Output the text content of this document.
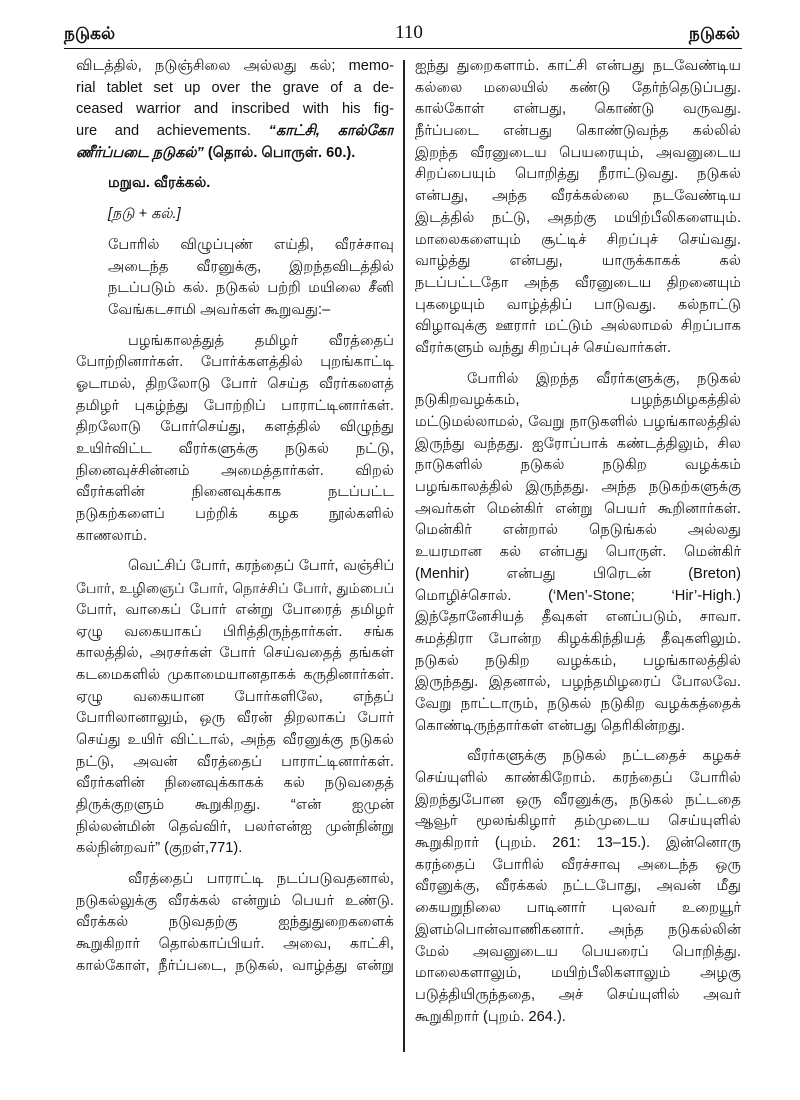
நடுகல்	110	நடுகல்
விடத்தில், நடுஞ்சிலை அல்லது கல்; memo-
rial tablet set up over the grave of a de-
ceased warrior and inscribed with his fig-
ure and achievements. “காட்சி, கால்கோ
ணீர்ப்படை நடுகல்” (தொல். பொருள். 60.).
மறுவ. வீரக்கல்.
[நடு + கல்.]
போரில் விழுப்புண் எய்தி, வீரச்சாவு
அடைந்த வீரனுக்கு, இறந்தவிடத்தில்
நடப்படும் கல். நடுகல் பற்றி மயிலை சீனி
வேங்கடசாமி அவர்கள் கூறுவது:–
பழங்காலத்துத் தமிழர் வீரத்தைப்
போற்றினார்கள். போர்க்களத்தில் புறங்காட்டி
ஓடாமல், திறலோடு போர் செய்த வீரர்களைத்
தமிழர் புகழ்ந்து போற்றிப் பாராட்டினார்கள்.
திறலோடு போர்செய்து, களத்தில் விழுந்து
உயிர்விட்ட வீரர்களுக்கு நடுகல் நட்டு,
நினைவுச்சின்னம் அமைத்தார்கள். விறல்
வீரர்களின் நினைவுக்காக நடப்பட்ட
நடுகற்களைப் பற்றிக் கழக நூல்களில்
காணலாம்.
வெட்சிப் போர், கரந்தைப் போர், வஞ்சிப்
போர், உழிஞைப் போர், நொச்சிப் போர், தும்பைப்
போர், வாகைப் போர் என்று போரைத் தமிழர்
ஏழு வகையாகப் பிரித்திருந்தார்கள். சங்க
காலத்தில், அரசர்கள் போர் செய்வதைத் தங்கள்
கடமைகளில் முகாமையானதாகக் கருதினார்கள்.
ஏழு வகையான போர்களிலே, எந்தப்
போரிலானாலும், ஒரு வீரன் திறலாகப் போர்
செய்து உயிர் விட்டால், அந்த வீரனுக்கு நடுகல்
நட்டு, அவன் வீரத்தைப் பாராட்டினார்கள்.
வீரர்களின் நினைவுக்காகக் கல் நடுவதைத்
திருக்குறளும் கூறுகிறது. “என் ஐமுன்
நில்லன்மின் தெவ்விர், பலர்என்ஐ முன்நின்று
கல்நின்றவர்” (குறள்,771).
வீரத்தைப் பாராட்டி நடப்படுவதனால்,
நடுகல்லுக்கு வீரக்கல் என்றும் பெயர் உண்டு.
வீரக்கல் நடுவதற்கு ஐந்துதுறைகளைக்
கூறுகிறார் தொல்காப்பியர். அவை, காட்சி,
கால்கோள், நீர்ப்படை, நடுகல், வாழ்த்து என்று
ஐந்து துறைகளாம். காட்சி என்பது நடவேண்டிய
கல்லை மலையில் கண்டு தேர்ந்தெடுப்பது.
கால்கோள் என்பது, கொண்டு வருவது.
நீர்ப்படை என்பது கொண்டுவந்த கல்லில்
இறந்த வீரனுடைய பெயரையும், அவனுடைய
சிறப்பையும் பொறித்து நீராட்டுவது. நடுகல்
என்பது, அந்த வீரக்கல்லை நடவேண்டிய
இடத்தில் நட்டு, அதற்கு மயிற்பீலிகளையும்.
மாலைகளையும் சூட்டிச் சிறப்புச் செய்வது.
வாழ்த்து என்பது, யாருக்காகக் கல்
நடப்பட்டதோ அந்த வீரனுடைய திறனையும்
புகழையும் வாழ்த்திப் பாடுவது. கல்நாட்டு
விழாவுக்கு ஊரார் மட்டும் அல்லாமல் சிறப்பாக
வீரர்களும் வந்து சிறப்புச் செய்வார்கள்.
போரில் இறந்த வீரர்களுக்கு, நடுகல்
நடுகிறவழக்கம், பழந்தமிழகத்தில்
மட்டுமல்லாமல், வேறு நாடுகளில் பழங்காலத்தில்
இருந்து வந்தது. ஐரோப்பாக் கண்டத்திலும், சில
நாடுகளில் நடுகல் நடுகிற வழக்கம்
பழங்காலத்தில் இருந்தது. அந்த நடுகற்களுக்கு
அவர்கள் மென்கிர் என்று பெயர் கூறினார்கள்.
மென்கிர் என்றால் நெடுங்கல் அல்லது
உயரமான கல் என்பது பொருள். மென்கிர்
(Menhir) என்பது பிரெடன் (Breton)
மொழிச்சொல். (‘Men’-Stone; ‘Hir’-High.)
இந்தோனேசியத் தீவுகள் எனப்படும், சாவா.
சுமத்திரா போன்ற கிழக்கிந்தியத் தீவுகளிலும்.
நடுகல் நடுகிற வழக்கம், பழங்காலத்தில்
இருந்தது. இதனால், பழந்தமிழரைப் போலவே.
வேறு நாட்டாரும், நடுகல் நடுகிற வழக்கத்தைக்
கொண்டிருந்தார்கள் என்பது தெரிகின்றது.
வீரர்களுக்கு நடுகல் நட்டதைச் கழகச்
செய்யுளில் காண்கிறோம். கரந்தைப் போரில்
இறந்துபோன ஒரு வீரனுக்கு, நடுகல் நட்டதை
ஆவூர் மூலங்கிழார் தம்முடைய செய்யுளில்
கூறுகிறார் (புறம். 261: 13–15.). இன்னொரு
கரந்தைப் போரில் வீரச்சாவு அடைந்த ஒரு
வீரனுக்கு, வீரக்கல் நட்டபோது, அவன் மீது
கையறுநிலை பாடினார் புலவர் உறையூர்
இளம்பொன்வாணிகனார். அந்த நடுகல்லின்
மேல் அவனுடைய பெயரைப் பொறித்து.
மாலைகளாலும், மயிற்பீலிகளாலும் அழகு
படுத்தியிருந்ததை, அச் செய்யுளில் அவர்
கூறுகிறார் (புறம். 264.).
